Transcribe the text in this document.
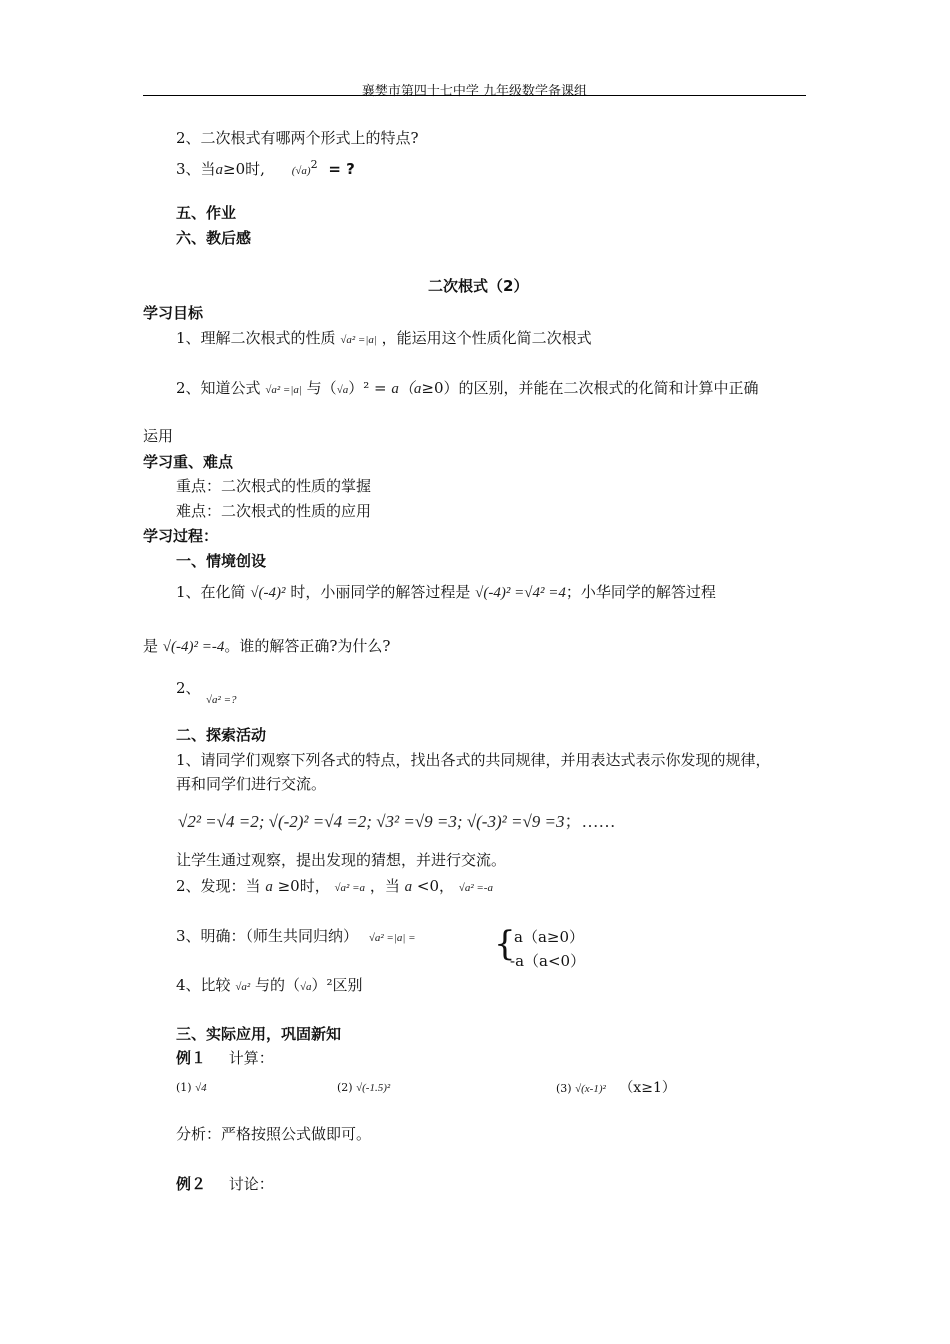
襄樊市第四十七中学 九年级数学备课组
2、二次根式有哪两个形式上的特点?
3、当a≥0时, $(√a)^2$ = ?
五、作业
六、教后感
二次根式（2）
学习目标
1、理解二次根式的性质 √a² =|a| ，能运用这个性质化简二次根式
2、知道公式 √a² =|a| 与（√a）² = a（a≥0）的区别，并能在二次根式的化简和计算中正确
运用
学习重、难点
重点：二次根式的性质的掌握
难点：二次根式的性质的应用
学习过程：
一、情境创设
1、在化简 √(-4)² 时，小丽同学的解答过程是 √(-4)² =√4² =4；小华同学的解答过程
是 √(-4)² =-4。谁的解答正确?为什么?
2、
√a² =?
二、探索活动
1、请同学们观察下列各式的特点，找出各式的共同规律，并用表达式表示你发现的规律，
再和同学们进行交流。
√2² =√4 =2; √(-2)² =√4 =2; √3² =√9 =3; √(-3)² =√9 =3；……
让学生通过观察，提出发现的猜想，并进行交流。
2、发现：当 a ≥0时， √a² =a ，当 a <0， √a² =-a
3、明确：（师生共同归纳） √a² =|a| = {
a（a≥0）
-a（a<0）
4、比较 √a² 与的（√a）²区别
三、实际应用，巩固新知
例１ 计算：
(1) √4	(2) √(-1.5)²	(3) √(x-1)² （x≥1）
分析：严格按照公式做即可。
例２ 讨论：
